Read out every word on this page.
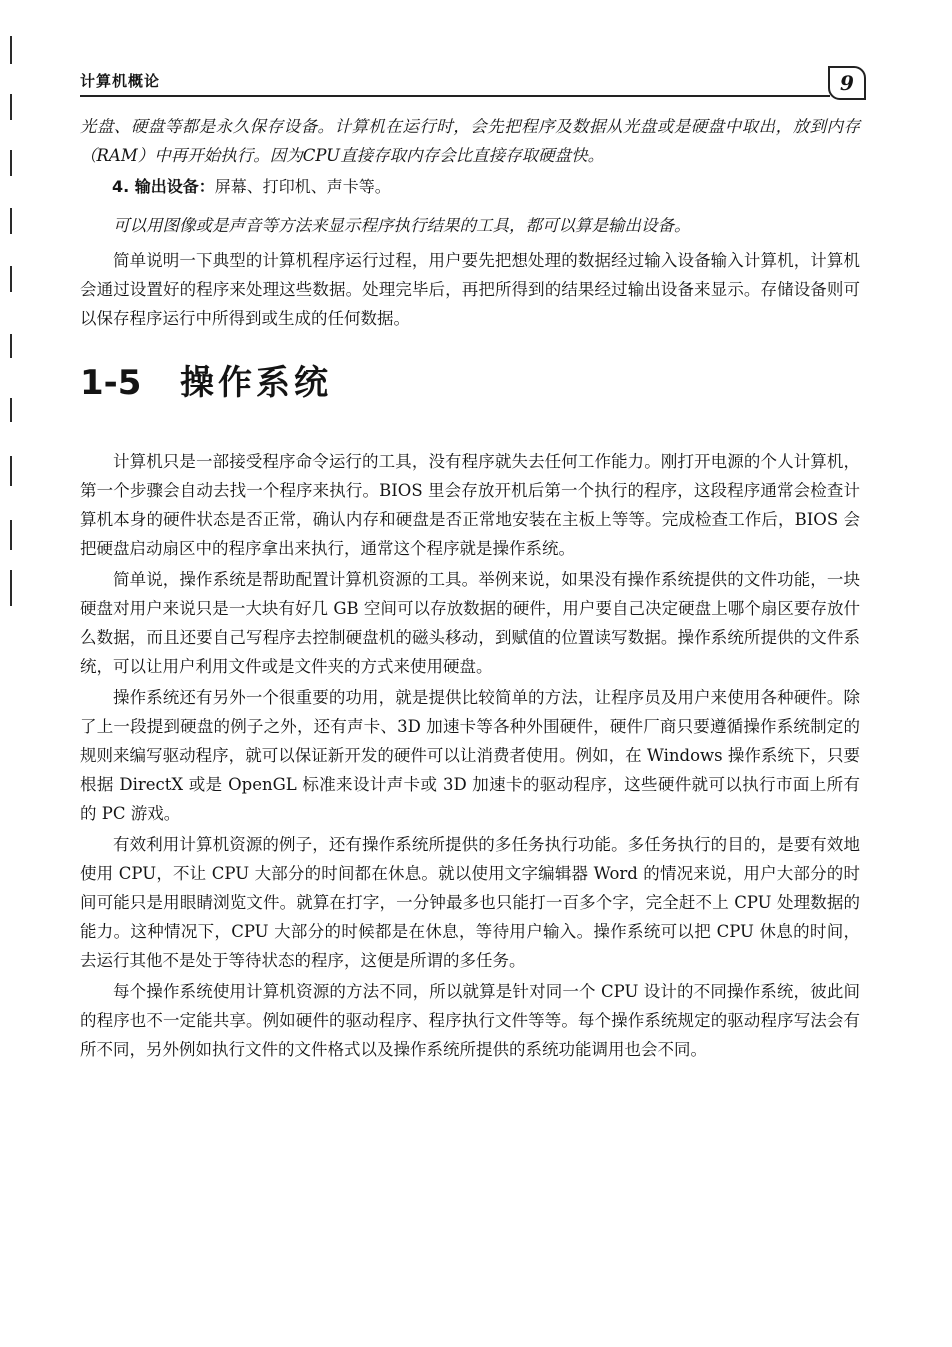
计算机概论	9

光盘、硬盘等都是永久保存设备。计算机在运行时，会先把程序及数据从光盘或是硬盘中取出，放到内存（RAM）中再开始执行。因为CPU直接存取内存会比直接存取硬盘快。

4. 输出设备：屏幕、打印机、声卡等。

可以用图像或是声音等方法来显示程序执行结果的工具，都可以算是输出设备。

简单说明一下典型的计算机程序运行过程，用户要先把想处理的数据经过输入设备输入计算机，计算机会通过设置好的程序来处理这些数据。处理完毕后，再把所得到的结果经过输出设备来显示。存储设备则可以保存程序运行中所得到或生成的任何数据。

1-5 操作系统

计算机只是一部接受程序命令运行的工具，没有程序就失去任何工作能力。刚打开电源的个人计算机，第一个步骤会自动去找一个程序来执行。BIOS 里会存放开机后第一个执行的程序，这段程序通常会检查计算机本身的硬件状态是否正常，确认内存和硬盘是否正常地安装在主板上等等。完成检查工作后，BIOS 会把硬盘启动扇区中的程序拿出来执行，通常这个程序就是操作系统。

简单说，操作系统是帮助配置计算机资源的工具。举例来说，如果没有操作系统提供的文件功能，一块硬盘对用户来说只是一大块有好几 GB 空间可以存放数据的硬件，用户要自己决定硬盘上哪个扇区要存放什么数据，而且还要自己写程序去控制硬盘机的磁头移动，到赋值的位置读写数据。操作系统所提供的文件系统，可以让用户利用文件或是文件夹的方式来使用硬盘。

操作系统还有另外一个很重要的功用，就是提供比较简单的方法，让程序员及用户来使用各种硬件。除了上一段提到硬盘的例子之外，还有声卡、3D 加速卡等各种外围硬件，硬件厂商只要遵循操作系统制定的规则来编写驱动程序，就可以保证新开发的硬件可以让消费者使用。例如，在 Windows 操作系统下，只要根据 DirectX 或是 OpenGL 标准来设计声卡或 3D 加速卡的驱动程序，这些硬件就可以执行市面上所有的 PC 游戏。

有效利用计算机资源的例子，还有操作系统所提供的多任务执行功能。多任务执行的目的，是要有效地使用 CPU，不让 CPU 大部分的时间都在休息。就以使用文字编辑器 Word 的情况来说，用户大部分的时间可能只是用眼睛浏览文件。就算在打字，一分钟最多也只能打一百多个字，完全赶不上 CPU 处理数据的能力。这种情况下，CPU 大部分的时候都是在休息，等待用户输入。操作系统可以把 CPU 休息的时间，去运行其他不是处于等待状态的程序，这便是所谓的多任务。

每个操作系统使用计算机资源的方法不同，所以就算是针对同一个 CPU 设计的不同操作系统，彼此间的程序也不一定能共享。例如硬件的驱动程序、程序执行文件等等。每个操作系统规定的驱动程序写法会有所不同，另外例如执行文件的文件格式以及操作系统所提供的系统功能调用也会不同。
